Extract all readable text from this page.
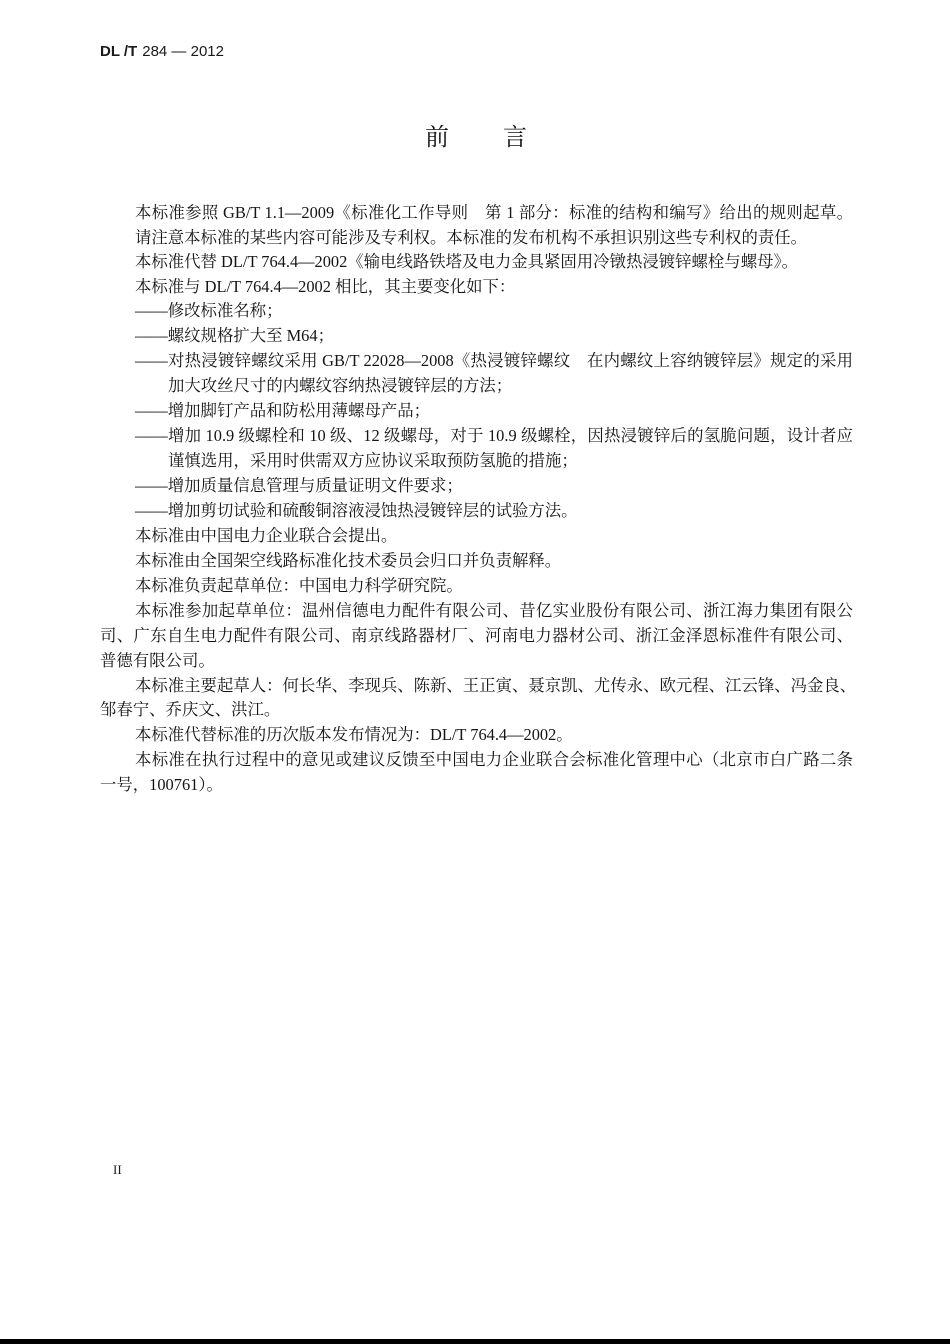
DL /T 284 — 2012
前　言
本标准参照 GB/T 1.1—2009《标准化工作导则　第 1 部分：标准的结构和编写》给出的规则起草。
请注意本标准的某些内容可能涉及专利权。本标准的发布机构不承担识别这些专利权的责任。
本标准代替 DL/T 764.4—2002《输电线路铁塔及电力金具紧固用冷镦热浸镀锌螺栓与螺母》。
本标准与 DL/T 764.4—2002 相比，其主要变化如下：
——修改标准名称；
——螺纹规格扩大至 M64；
——对热浸镀锌螺纹采用 GB/T 22028—2008《热浸镀锌螺纹　在内螺纹上容纳镀锌层》规定的采用
加大攻丝尺寸的内螺纹容纳热浸镀锌层的方法；
——增加脚钉产品和防松用薄螺母产品；
——增加 10.9 级螺栓和 10 级、12 级螺母，对于 10.9 级螺栓，因热浸镀锌后的氢脆问题，设计者应
谨慎选用，采用时供需双方应协议采取预防氢脆的措施；
——增加质量信息管理与质量证明文件要求；
——增加剪切试验和硫酸铜溶液浸蚀热浸镀锌层的试验方法。
本标准由中国电力企业联合会提出。
本标准由全国架空线路标准化技术委员会归口并负责解释。
本标准负责起草单位：中国电力科学研究院。
本标准参加起草单位：温州信德电力配件有限公司、昔亿实业股份有限公司、浙江海力集团有限公
司、广东自生电力配件有限公司、南京线路器材厂、河南电力器材公司、浙江金泽恩标准件有限公司、
普德有限公司。
本标准主要起草人：何长华、李现兵、陈新、王正寅、聂京凯、尤传永、欧元程、江云锋、冯金良、
邹春宁、乔庆文、洪江。
本标准代替标准的历次版本发布情况为：DL/T 764.4—2002。
本标准在执行过程中的意见或建议反馈至中国电力企业联合会标准化管理中心（北京市白广路二条
一号，100761）。
II
